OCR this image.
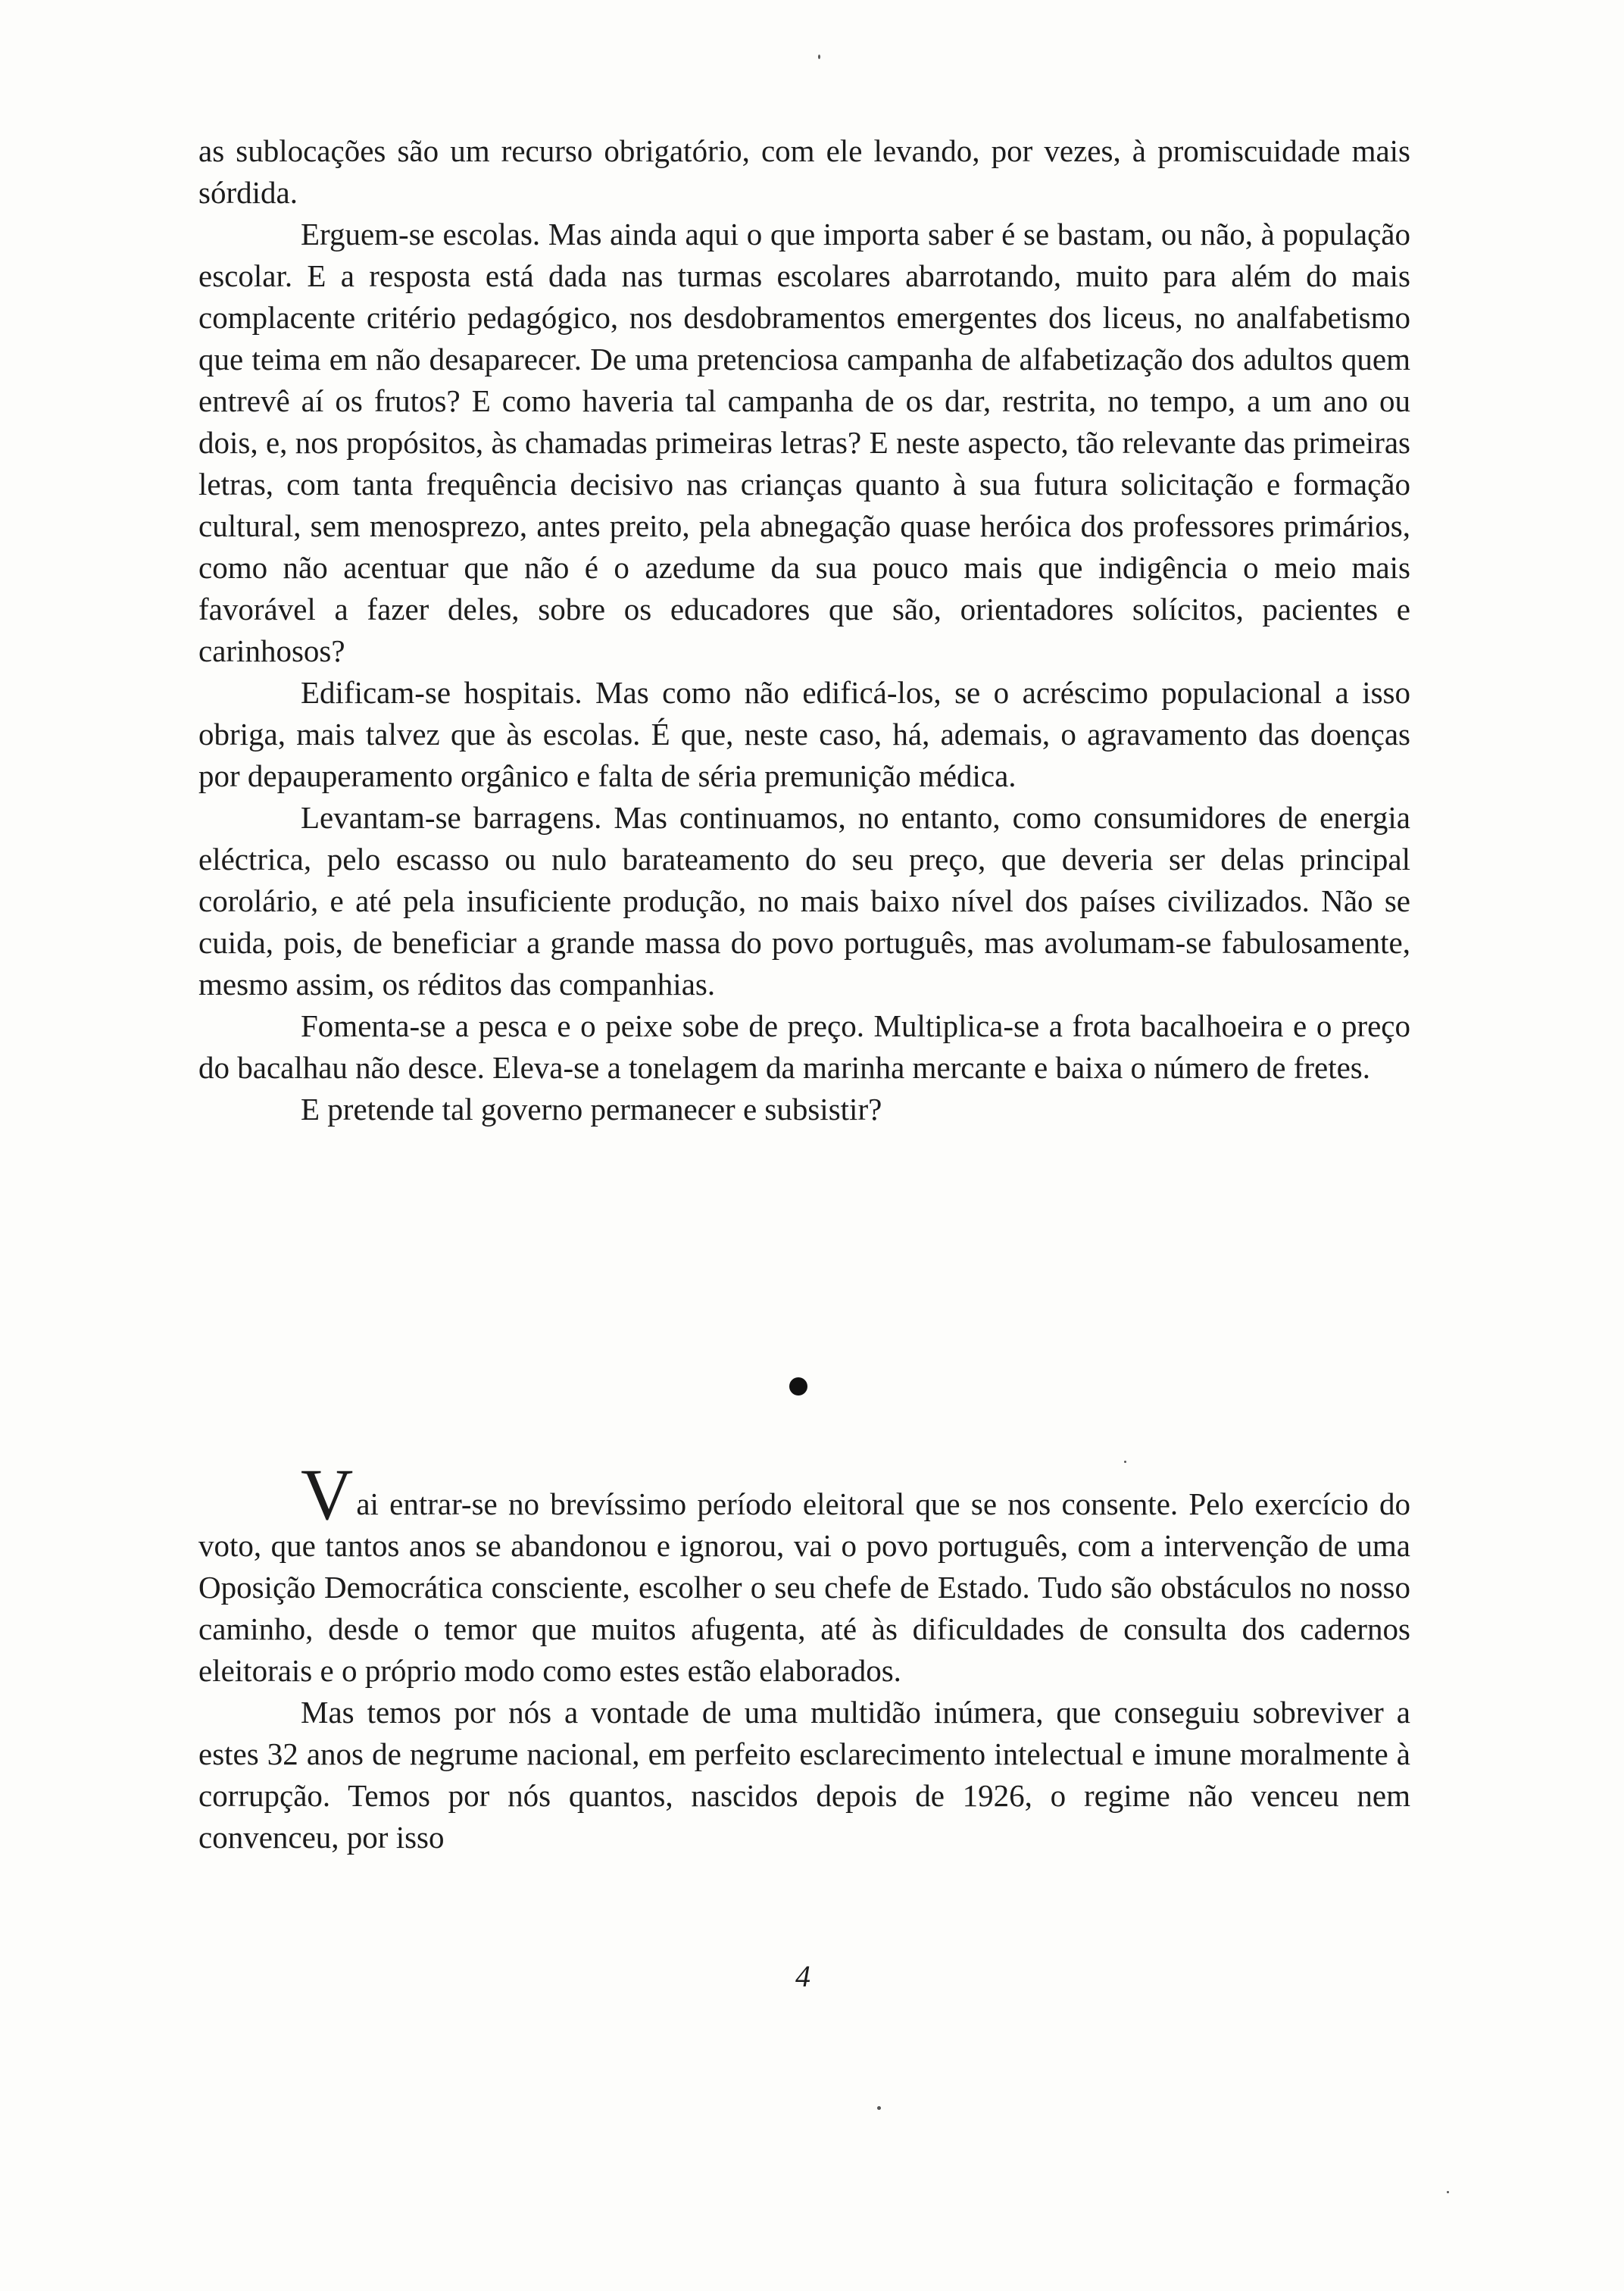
as sublocações são um recurso obrigatório, com ele levando, por vezes, à promiscuidade mais sórdida.

Erguem-se escolas. Mas ainda aqui o que importa saber é se bastam, ou não, à população escolar. E a resposta está dada nas turmas escolares abarrotando, muito para além do mais complacente critério pedagógico, nos desdobramentos emergentes dos liceus, no analfabetismo que teima em não desaparecer. De uma pretenciosa campanha de alfabetização dos adultos quem entrevê aí os frutos? E como haveria tal campanha de os dar, restrita, no tempo, a um ano ou dois, e, nos propósitos, às chamadas primeiras letras? E neste aspecto, tão relevante das primeiras letras, com tanta frequência decisivo nas crianças quanto à sua futura solicitação e formação cultural, sem menosprezo, antes preito, pela abnegação quase heróica dos professores primários, como não acentuar que não é o azedume da sua pouco mais que indigência o meio mais favorável a fazer deles, sobre os educadores que são, orientadores solícitos, pacientes e carinhosos?

Edificam-se hospitais. Mas como não edificá-los, se o acréscimo populacional a isso obriga, mais talvez que às escolas. É que, neste caso, há, ademais, o agravamento das doenças por depauperamento orgânico e falta de séria premunição médica.

Levantam-se barragens. Mas continuamos, no entanto, como consumidores de energia eléctrica, pelo escasso ou nulo barateamento do seu preço, que deveria ser delas principal corolário, e até pela insuficiente produção, no mais baixo nível dos países civilizados. Não se cuida, pois, de beneficiar a grande massa do povo português, mas avolumam-se fabulosamente, mesmo assim, os réditos das companhias.

Fomenta-se a pesca e o peixe sobe de preço. Multiplica-se a frota bacalhoeira e o preço do bacalhau não desce. Eleva-se a tonelagem da marinha mercante e baixa o número de fretes.

E pretende tal governo permanecer e subsistir?

Vai entrar-se no brevíssimo período eleitoral que se nos consente. Pelo exercício do voto, que tantos anos se abandonou e ignorou, vai o povo português, com a intervenção de uma Oposição Democrática consciente, escolher o seu chefe de Estado. Tudo são obstáculos no nosso caminho, desde o temor que muitos afugenta, até às dificuldades de consulta dos cadernos eleitorais e o próprio modo como estes estão elaborados.

Mas temos por nós a vontade de uma multidão inúmera, que conseguiu sobreviver a estes 32 anos de negrume nacional, em perfeito esclarecimento intelectual e imune moralmente à corrupção. Temos por nós quantos, nascidos depois de 1926, o regime não venceu nem convenceu, por isso

4
